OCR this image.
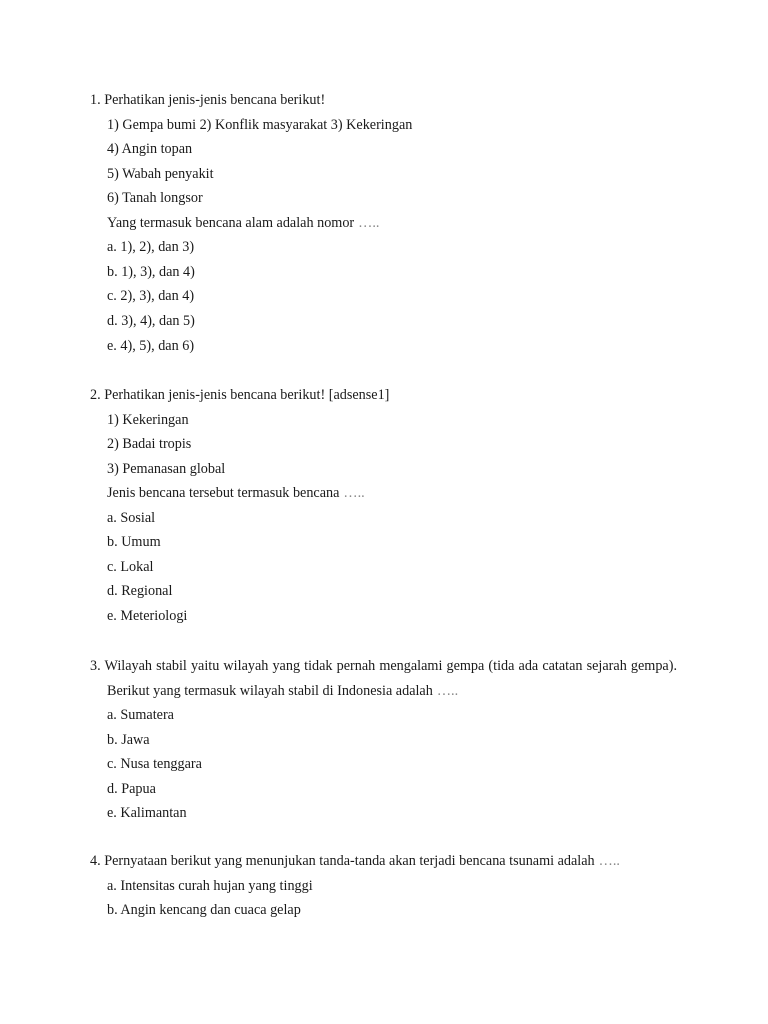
1. Perhatikan jenis-jenis bencana berikut!
1) Gempa bumi 2) Konflik masyarakat 3) Kekeringan
4) Angin topan
5) Wabah penyakit
6) Tanah longsor
Yang termasuk bencana alam adalah nomor …..
a. 1), 2), dan 3)
b. 1), 3), dan 4)
c. 2), 3), dan 4)
d. 3), 4), dan 5)
e. 4), 5), dan 6)
2. Perhatikan jenis-jenis bencana berikut! [adsense1]
1) Kekeringan
2) Badai tropis
3) Pemanasan global
Jenis bencana tersebut termasuk bencana …..
a. Sosial
b. Umum
c. Lokal
d. Regional
e. Meteriologi
3. Wilayah stabil yaitu wilayah yang tidak pernah mengalami gempa (tida ada catatan sejarah gempa).
Berikut yang termasuk wilayah stabil di Indonesia adalah …..
a. Sumatera
b. Jawa
c. Nusa tenggara
d. Papua
e. Kalimantan
4. Pernyataan berikut yang menunjukan tanda-tanda akan terjadi bencana tsunami adalah …..
a. Intensitas curah hujan yang tinggi
b. Angin kencang dan cuaca gelap
